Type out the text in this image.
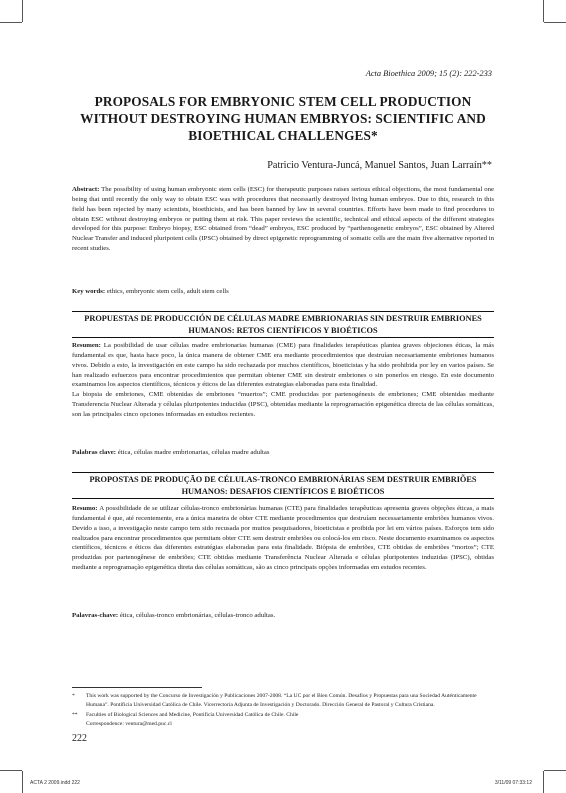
Acta Bioethica 2009; 15 (2): 222-233
PROPOSALS FOR EMBRYONIC STEM CELL PRODUCTION WITHOUT DESTROYING HUMAN EMBRYOS: SCIENTIFIC AND BIOETHICAL CHALLENGES*
Patricio Ventura-Juncá, Manuel Santos, Juan Larraín**

Abstract: The possibility of using human embryonic stem cells (ESC) for therapeutic purposes raises serious ethical objections, the most fundamental one being that until recently the only way to obtain ESC was with procedures that necessarily destroyed living human embryos. Due to this, research in this field has been rejected by many scientists, bioethicists, and has been banned by law in several countries. Efforts have been made to find procedures to obtain ESC without destroying embryos or putting them at risk. This paper reviews the scientific, technical and ethical aspects of the different strategies developed for this purpose: Embryo biopsy, ESC obtained from “dead” embryos, ESC produced by “parthenogenetic embryos”, ESC obtained by Altered Nuclear Transfer and induced pluripotent cells (IPSC) obtained by direct epigenetic reprogramming of somatic cells are the main five alternative reported in recent studies.

Key words: ethics, embryonic stem cells, adult stem cells
PROPUESTAS DE PRODUCCIÓN DE CÉLULAS MADRE EMBRIONARIAS SIN DESTRUIR EMBRIONES HUMANOS: RETOS CIENTÍFICOS Y BIOÉTICOS

Resumen: La posibilidad de usar células madre embrionarias humanas (CME) para finalidades terapéuticas plantea graves objeciones éticas, la más fundamental es que, hasta hace poco, la única manera de obtener CME era mediante procedimientos que destruían necesariamente embriones humanos vivos. Debido a esto, la investigación en este campo ha sido rechazada por muchos científicos, bioeticistas y ha sido prohibida por ley en varios países. Se han realizado esfuerzos para encontrar procedimientos que permitan obtener CME sin destruir embriones o sin ponerlos en riesgo. En este documento examinamos los aspectos científicos, técnicos y éticos de las diferentes estrategias elaboradas para esta finalidad.

La biopsia de embriones, CME obtenidas de embriones “muertos”; CME producidas por partenogénesis de embriones; CME obtenidas mediante Transferencia Nuclear Alterada y células pluripotentes inducidas (IPSC), obtenidas mediante la reprogramación epigenética directa de las células somáticas, son las principales cinco opciones informadas en estudios recientes.

Palabras clave: ética, células madre embrionarias, células madre adultas
PROPOSTAS DE PRODUÇÃO DE CÉLULAS-TRONCO EMBRIONÁRIAS SEM DESTRUIR EMBRIÕES HUMANOS: DESAFIOS CIENTÍFICOS E BIOÉTICOS

Resumo: A possibilidade de se utilizar células-tronco embrionárias humanas (CTE) para finalidades terapêuticas apresenta graves objeções éticas, a mais fundamental é que, até recentemente, era a única maneira de obter CTE mediante procedimentos que destruíam necessariamente embriões humanos vivos. Devido a isso, a investigação neste campo tem sido recusada por muitos pesquisadores, bioeticistas e proibida por lei em vários países. Esforços tem sido realizados para encontrar procedimentos que permitam obter CTE sem destruir embriões ou colocá-los em risco. Neste documento examinamos os aspectos científicos, técnicos e éticos das diferentes estratégias elaboradas para esta finalidade. Biópsia de embriões, CTE obtidas de embriões “mortos”; CTE produzidas por partenogênese de embriões; CTE obtidas mediante Transferência Nuclear Alterada e células pluripotentes induzidas (IPSC), obtidas mediante a reprogramação epigenética direta das células somáticas, são as cinco principais opções informadas em estudos recentes.

Palavras-chave: ética, células-tronco embrionárias, células-tronco adultas.
*	This work was supported by the Concurso de Investigación y Publicaciones 2007-2008. “La UC por el Bien Común. Desafíos y Propuestas para una Sociedad Auténticamente Humana”. Pontificia Universidad Católica de Chile. Vicerrectoría Adjunta de Investigación y Doctorado. Dirección General de Pastoral y Cultura Cristiana.
**	Faculties of Biological Sciences and Medicine, Pontificia Universidad Católica de Chile. Chile
Correspondence: ventura@med.puc.cl
222
ACTA 2 2009.indd 222	3/11/09 07:33:12
